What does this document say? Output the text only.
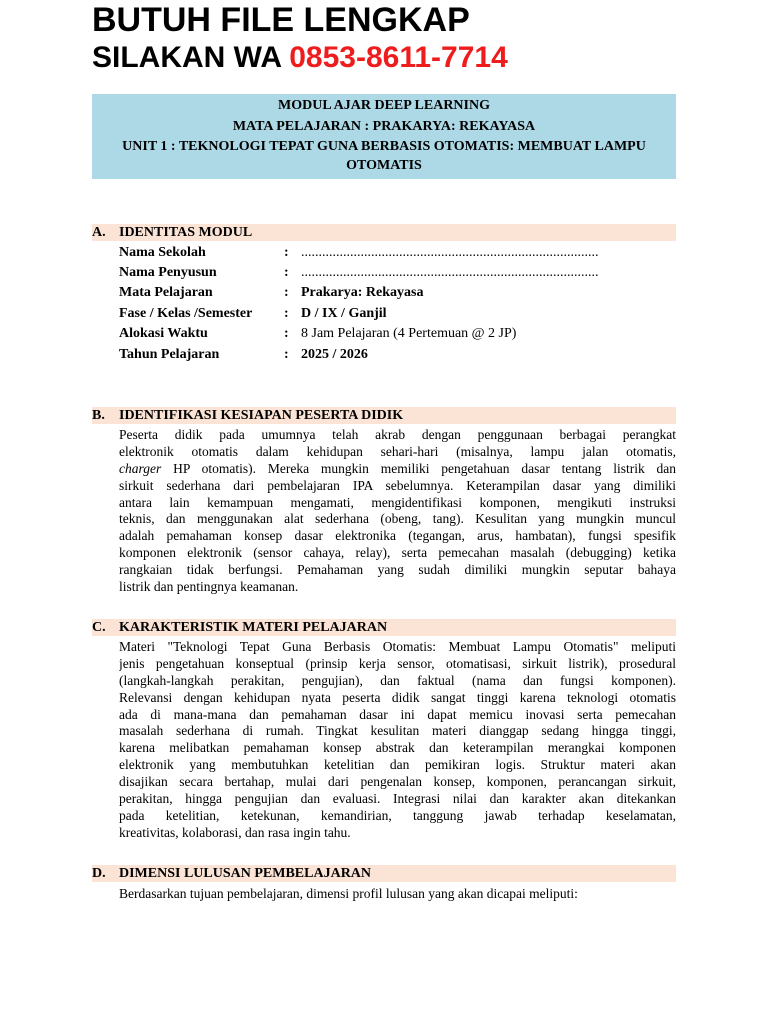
BUTUH FILE LENGKAP
SILAKAN WA 0853-8611-7714
MODUL AJAR DEEP LEARNING
MATA PELAJARAN : PRAKARYA: REKAYASA
UNIT 1 : TEKNOLOGI TEPAT GUNA BERBASIS OTOMATIS: MEMBUAT LAMPU OTOMATIS
A. IDENTITAS MODUL
Nama Sekolah	: .....................................................................................
Nama Penyusun	: .....................................................................................
Mata Pelajaran	: Prakarya: Rekayasa
Fase / Kelas /Semester : D / IX / Ganjil
Alokasi Waktu	: 8 Jam Pelajaran (4 Pertemuan @ 2 JP)
Tahun Pelajaran	: 2025 / 2026
B. IDENTIFIKASI KESIAPAN PESERTA DIDIK
Peserta didik pada umumnya telah akrab dengan penggunaan berbagai perangkat
elektronik otomatis dalam kehidupan sehari-hari (misalnya, lampu jalan otomatis,
charger HP otomatis). Mereka mungkin memiliki pengetahuan dasar tentang listrik dan
sirkuit sederhana dari pembelajaran IPA sebelumnya. Keterampilan dasar yang dimiliki
antara lain kemampuan mengamati, mengidentifikasi komponen, mengikuti instruksi
teknis, dan menggunakan alat sederhana (obeng, tang). Kesulitan yang mungkin muncul
adalah pemahaman konsep dasar elektronika (tegangan, arus, hambatan), fungsi spesifik
komponen elektronik (sensor cahaya, relay), serta pemecahan masalah (debugging) ketika
rangkaian tidak berfungsi. Pemahaman yang sudah dimiliki mungkin seputar bahaya
listrik dan pentingnya keamanan.
C. KARAKTERISTIK MATERI PELAJARAN
Materi "Teknologi Tepat Guna Berbasis Otomatis: Membuat Lampu Otomatis" meliputi
jenis pengetahuan konseptual (prinsip kerja sensor, otomatisasi, sirkuit listrik), prosedural
(langkah-langkah perakitan, pengujian), dan faktual (nama dan fungsi komponen).
Relevansi dengan kehidupan nyata peserta didik sangat tinggi karena teknologi otomatis
ada di mana-mana dan pemahaman dasar ini dapat memicu inovasi serta pemecahan
masalah sederhana di rumah. Tingkat kesulitan materi dianggap sedang hingga tinggi,
karena melibatkan pemahaman konsep abstrak dan keterampilan merangkai komponen
elektronik yang membutuhkan ketelitian dan pemikiran logis. Struktur materi akan
disajikan secara bertahap, mulai dari pengenalan konsep, komponen, perancangan sirkuit,
perakitan, hingga pengujian dan evaluasi. Integrasi nilai dan karakter akan ditekankan
pada ketelitian, ketekunan, kemandirian, tanggung jawab terhadap keselamatan,
kreativitas, kolaborasi, dan rasa ingin tahu.
D. DIMENSI LULUSAN PEMBELAJARAN
Berdasarkan tujuan pembelajaran, dimensi profil lulusan yang akan dicapai meliputi:
